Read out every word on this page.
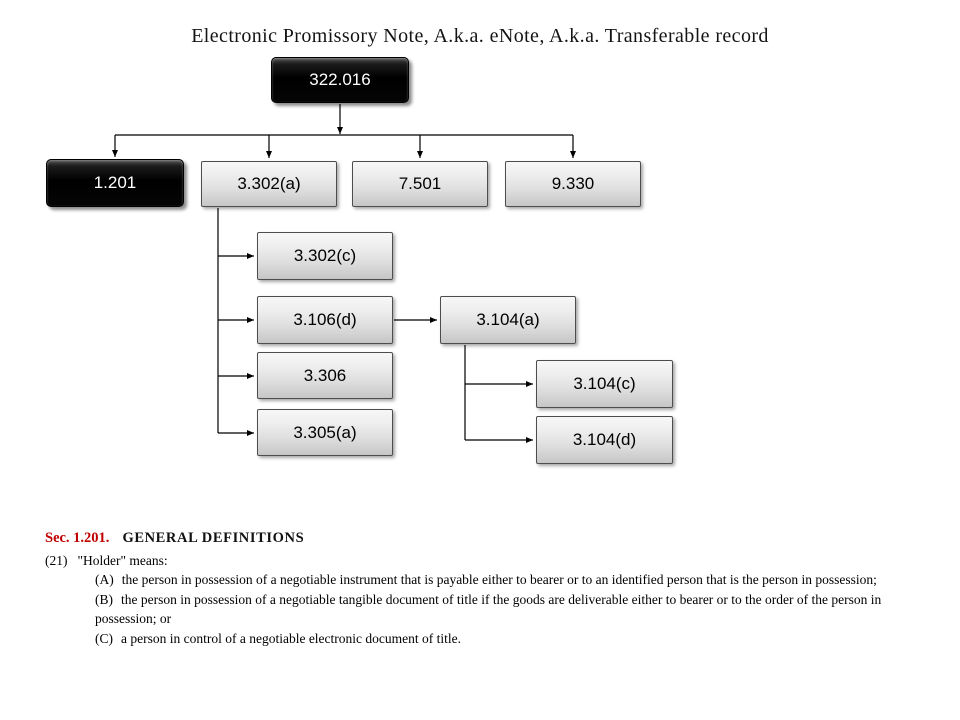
Electronic Promissory Note, A.k.a. eNote, A.k.a. Transferable record
322.016
1.201	3.302(a)	7.501	9.330
3.302(c)
3.106(d)
3.306
3.305(a)
3.104(a)
3.104(c)
3.104(d)
Sec. 1.201. GENERAL DEFINITIONS
(21) "Holder" means:
(A) the person in possession of a negotiable instrument that is payable either to bearer or to an identified person that is the person in possession;
(B) the person in possession of a negotiable tangible document of title if the goods are deliverable either to bearer or to the order of the person in possession; or
(C) a person in control of a negotiable electronic document of title.
